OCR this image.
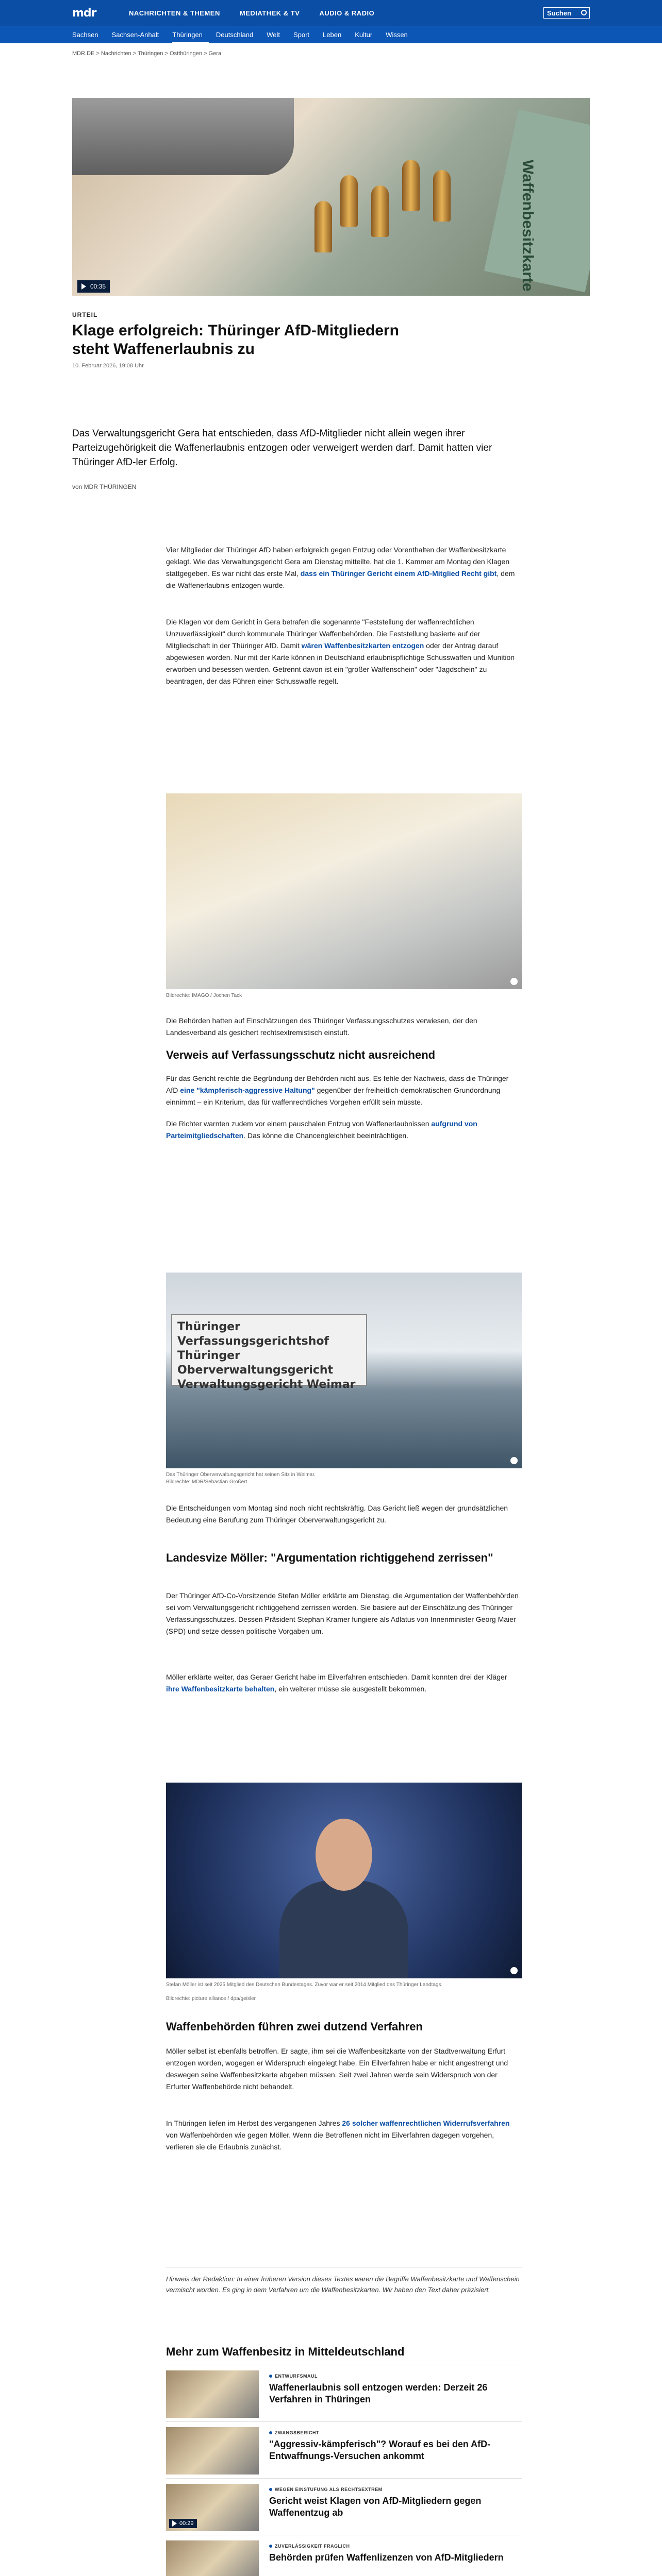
mdr	NACHRICHTEN & THEMEN	MEDIATHEK & TV	AUDIO & RADIO	Suchen
Sachsen	Sachsen-Anhalt	Thüringen	Deutschland	Welt	Sport	Leben	Kultur	Wissen
MDR.DE > Nachrichten > Thüringen > Ostthüringen > Gera
Waffenbesitzkarte
00:35
URTEIL
Klage erfolgreich: Thüringer AfD-Mitgliedern steht Waffenerlaubnis zu
10. Februar 2026, 19:08 Uhr

Das Verwaltungsgericht Gera hat entschieden, dass AfD-Mitglieder nicht allein wegen ihrer Parteizugehörigkeit die Waffenerlaubnis entzogen oder verweigert werden darf. Damit hatten vier Thüringer AfD-ler Erfolg.

von MDR THÜRINGEN

Vier Mitglieder der Thüringer AfD haben erfolgreich gegen Entzug oder Vorenthalten der Waffenbesitzkarte geklagt. Wie das Verwaltungsgericht Gera am Dienstag mitteilte, hat die 1. Kammer am Montag den Klagen stattgegeben. Es war nicht das erste Mal, dass ein Thüringer Gericht einem AfD-Mitglied Recht gibt, dem die Waffenerlaubnis entzogen wurde.

Die Klagen vor dem Gericht in Gera betrafen die sogenannte "Feststellung der waffenrechtlichen Unzuverlässigkeit" durch kommunale Thüringer Waffenbehörden. Die Feststellung basierte auf der Mitgliedschaft in der Thüringer AfD. Damit wären Waffenbesitzkarten entzogen oder der Antrag darauf abgewiesen worden. Nur mit der Karte können in Deutschland erlaubnispflichtige Schusswaffen und Munition erworben und besessen werden. Getrennt davon ist ein "großer Waffenschein" oder "Jagdschein" zu beantragen, der das Führen einer Schusswaffe regelt.

Bildrechte: IMAGO / Jochen Tack

Die Behörden hatten auf Einschätzungen des Thüringer Verfassungsschutzes verwiesen, der den Landesverband als gesichert rechtsextremistisch einstuft.

Verweis auf Verfassungsschutz nicht ausreichend

Für das Gericht reichte die Begründung der Behörden nicht aus. Es fehle der Nachweis, dass die Thüringer AfD eine "kämpferisch-aggressive Haltung" gegenüber der freiheitlich-demokratischen Grundordnung einnimmt – ein Kriterium, das für waffenrechtliches Vorgehen erfüllt sein müsste.

Die Richter warnten zudem vor einem pauschalen Entzug von Waffenerlaubnissen aufgrund von Parteimitgliedschaften. Das könne die Chancengleichheit beeinträchtigen.

Thüringer Verfassungsgerichtshof Thüringer Oberverwaltungsgericht Verwaltungsgericht Weimar
Das Thüringer Oberverwaltungsgericht hat seinen Sitz in Weimar.
Bildrechte: MDR/Sebastian Großert

Die Entscheidungen vom Montag sind noch nicht rechtskräftig. Das Gericht ließ wegen der grundsätzlichen Bedeutung eine Berufung zum Thüringer Oberverwaltungsgericht zu.

Landesvize Möller: "Argumentation richtiggehend zerrissen"

Der Thüringer AfD-Co-Vorsitzende Stefan Möller erklärte am Dienstag, die Argumentation der Waffenbehörden sei vom Verwaltungsgericht richtiggehend zerrissen worden. Sie basiere auf der Einschätzung des Thüringer Verfassungsschutzes. Dessen Präsident Stephan Kramer fungiere als Adlatus von Innenminister Georg Maier (SPD) und setze dessen politische Vorgaben um.

Möller erklärte weiter, das Geraer Gericht habe im Eilverfahren entschieden. Damit konnten drei der Kläger ihre Waffenbesitzkarte behalten, ein weiterer müsse sie ausgestellt bekommen.

Stefan Möller ist seit 2025 Mitglied des Deutschen Bundestages. Zuvor war er seit 2014 Mitglied des Thüringer Landtags.
Bildrechte: picture alliance / dpa/geisler
Waffenbehörden führen zwei dutzend Verfahren

Möller selbst ist ebenfalls betroffen. Er sagte, ihm sei die Waffenbesitzkarte von der Stadtverwaltung Erfurt entzogen worden, wogegen er Widerspruch eingelegt habe. Ein Eilverfahren habe er nicht angestrengt und deswegen seine Waffenbesitzkarte abgeben müssen. Seit zwei Jahren werde sein Widerspruch von der Erfurter Waffenbehörde nicht behandelt.

In Thüringen liefen im Herbst des vergangenen Jahres 26 solcher waffenrechtlichen Widerrufsverfahren von Waffenbehörden wie gegen Möller. Wenn die Betroffenen nicht im Eilverfahren dagegen vorgehen, verlieren sie die Erlaubnis zunächst.

Hinweis der Redaktion: In einer früheren Version dieses Textes waren die Begriffe Waffenbesitzkarte und Waffenschein vermischt worden. Es ging in dem Verfahren um die Waffenbesitzkarten. Wir haben den Text daher präzisiert.

Mehr zum Waffenbesitz in Mitteldeutschland
ENTWURFSMAUL
Waffenerlaubnis soll entzogen werden: Derzeit 26 Verfahren in Thüringen
ZWANGSBERICHT
"Aggressiv-kämpferisch"? Worauf es bei den AfD-Entwaffnungs-Versuchen ankommt
00:29
WEGEN EINSTUFUNG ALS RECHTSEXTREM
Gericht weist Klagen von AfD-Mitgliedern gegen Waffenentzug ab
ZUVERLÄSSIGKEIT FRAGLICH
Behörden prüfen Waffenlizenzen von AfD-Mitgliedern
